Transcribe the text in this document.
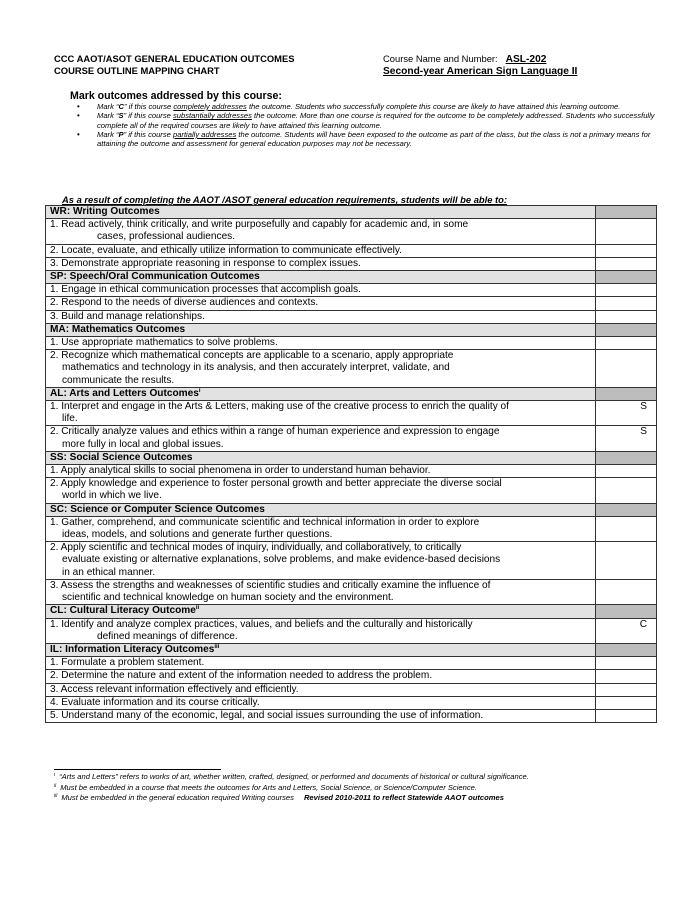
CCC AAOT/ASOT GENERAL EDUCATION OUTCOMES
COURSE OUTLINE MAPPING CHART
Course Name and Number: ASL-202
Second-year American Sign Language II
Mark outcomes addressed by this course:
• Mark “C” if this course completely addresses the outcome. Students who successfully complete this course are likely to have attained this learning outcome.
• Mark “S” if this course substantially addresses the outcome. More than one course is required for the outcome to be completely addressed. Students who successfully complete all of the required courses are likely to have attained this learning outcome.
• Mark “P” if this course partially addresses the outcome. Students will have been exposed to the outcome as part of the class, but the class is not a primary means for attaining the outcome and assessment for general education purposes may not be necessary.
As a result of completing the AAOT /ASOT general education requirements, students will be able to:
WR: Writing Outcomes	
1. Read actively, think critically, and write purposefully and capably for academic and, in some
cases, professional audiences.	

2. Locate, evaluate, and ethically utilize information to communicate effectively.	
3. Demonstrate appropriate reasoning in response to complex issues.	
SP: Speech/Oral Communication Outcomes	
1. Engage in ethical communication processes that accomplish goals.	
2. Respond to the needs of diverse audiences and contexts.	
3. Build and manage relationships.	
MA: Mathematics Outcomes	
1. Use appropriate mathematics to solve problems.	
2. Recognize which mathematical concepts are applicable to a scenario, apply appropriate
mathematics and technology in its analysis, and then accurately interpret, validate, and
communicate the results.	

AL: Arts and Letters Outcomes$^i$	
1. Interpret and engage in the Arts & Letters, making use of the creative process to enrich the quality of
life.	S
2. Critically analyze values and ethics within a range of human experience and expression to engage
more fully in local and global issues.	S
SS: Social Science Outcomes	
1. Apply analytical skills to social phenomena in order to understand human behavior.	
2. Apply knowledge and experience to foster personal growth and better appreciate the diverse social
world in which we live.	

SC: Science or Computer Science Outcomes	
1. Gather, comprehend, and communicate scientific and technical information in order to explore
ideas, models, and solutions and generate further questions.	

2. Apply scientific and technical modes of inquiry, individually, and collaboratively, to critically
evaluate existing or alternative explanations, solve problems, and make evidence-based decisions
in an ethical manner.	

3. Assess the strengths and weaknesses of scientific studies and critically examine the influence of
scientific and technical knowledge on human society and the environment.	

CL: Cultural Literacy Outcome$^{ii}$	
1. Identify and analyze complex practices, values, and beliefs and the culturally and historically
defined meanings of difference.	C
IL: Information Literacy Outcomes$^{iii}$	
1. Formulate a problem statement.	
2. Determine the nature and extent of the information needed to address the problem.	
3. Access relevant information effectively and efficiently.	
4. Evaluate information and its course critically.	
5. Understand many of the economic, legal, and social issues surrounding the use of information.	
$^i$ “Arts and Letters” refers to works of art, whether written, crafted, designed, or performed and documents of historical or cultural significance.
$^{ii}$ Must be embedded in a course that meets the outcomes for Arts and Letters, Social Science, or Science/Computer Science.
$^{iii}$ Must be embedded in the general education required Writing courses Revised 2010-2011 to reflect Statewide AAOT outcomes
